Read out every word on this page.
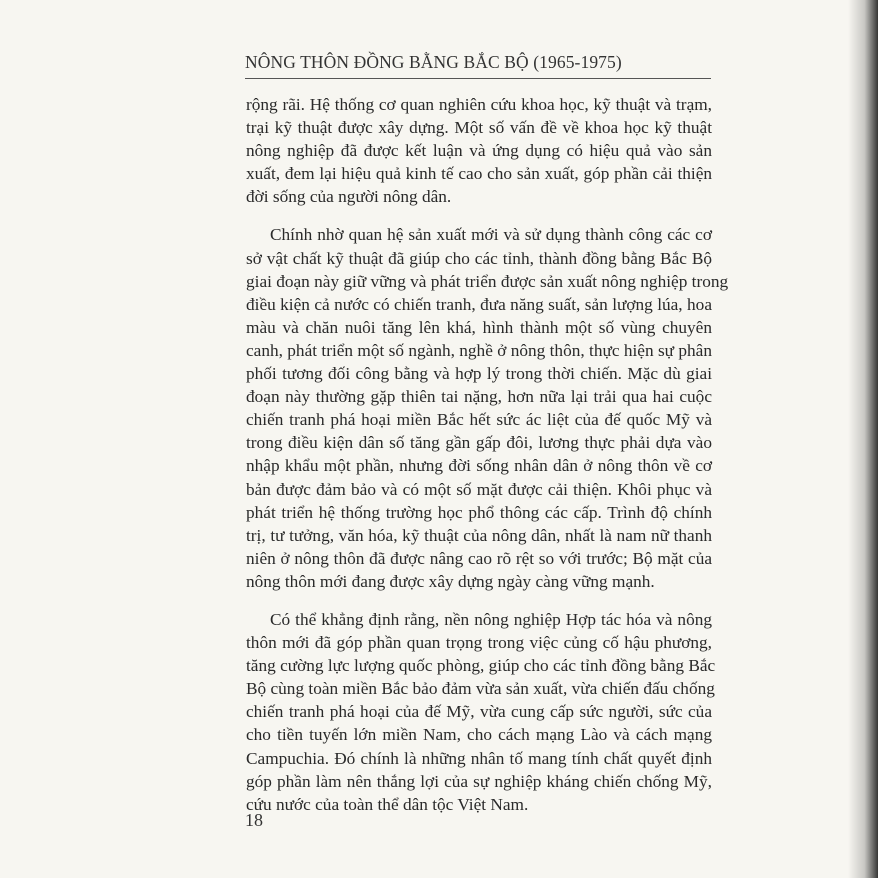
NÔNG THÔN ĐỒNG BẰNG BẮC BỘ (1965-1975)

rộng rãi. Hệ thống cơ quan nghiên cứu khoa học, kỹ thuật và trạm,
trại kỹ thuật được xây dựng. Một số vấn đề về khoa học kỹ thuật
nông nghiệp đã được kết luận và ứng dụng có hiệu quả vào sản
xuất, đem lại hiệu quả kinh tế cao cho sản xuất, góp phần cải thiện
đời sống của người nông dân.

Chính nhờ quan hệ sản xuất mới và sử dụng thành công các cơ
sở vật chất kỹ thuật đã giúp cho các tỉnh, thành đồng bằng Bắc Bộ
giai đoạn này giữ vững và phát triển được sản xuất nông nghiệp trong
điều kiện cả nước có chiến tranh, đưa năng suất, sản lượng lúa, hoa
màu và chăn nuôi tăng lên khá, hình thành một số vùng chuyên
canh, phát triển một số ngành, nghề ở nông thôn, thực hiện sự phân
phối tương đối công bằng và hợp lý trong thời chiến. Mặc dù giai
đoạn này thường gặp thiên tai nặng, hơn nữa lại trải qua hai cuộc
chiến tranh phá hoại miền Bắc hết sức ác liệt của đế quốc Mỹ và
trong điều kiện dân số tăng gần gấp đôi, lương thực phải dựa vào
nhập khẩu một phần, nhưng đời sống nhân dân ở nông thôn về cơ
bản được đảm bảo và có một số mặt được cải thiện. Khôi phục và
phát triển hệ thống trường học phổ thông các cấp. Trình độ chính
trị, tư tưởng, văn hóa, kỹ thuật của nông dân, nhất là nam nữ thanh
niên ở nông thôn đã được nâng cao rõ rệt so với trước; Bộ mặt của
nông thôn mới đang được xây dựng ngày càng vững mạnh.

Có thể khẳng định rằng, nền nông nghiệp Hợp tác hóa và nông
thôn mới đã góp phần quan trọng trong việc củng cố hậu phương,
tăng cường lực lượng quốc phòng, giúp cho các tỉnh đồng bằng Bắc
Bộ cùng toàn miền Bắc bảo đảm vừa sản xuất, vừa chiến đấu chống
chiến tranh phá hoại của đế Mỹ, vừa cung cấp sức người, sức của
cho tiền tuyến lớn miền Nam, cho cách mạng Lào và cách mạng
Campuchia. Đó chính là những nhân tố mang tính chất quyết định
góp phần làm nên thắng lợi của sự nghiệp kháng chiến chống Mỹ,
cứu nước của toàn thể dân tộc Việt Nam.

18
